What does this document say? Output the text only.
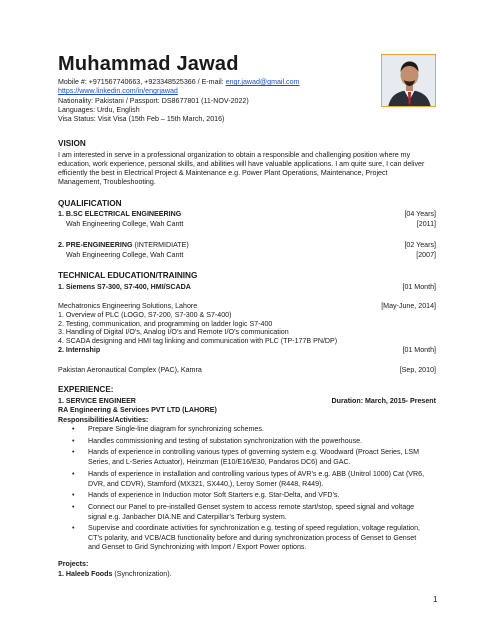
Muhammad Jawad
Mobile #: +971567740663, +923348525366 / E-mail: engr.jawad@gmail.com
https://www.linkedin.com/in/engrjawad
Nationality: Pakistani / Passport: DS8677801 (11-NOV-2022)
Languages: Urdu, English
Visa Status: Visit Visa (15th Feb – 15th March, 2016)
VISION
I am interested in serve in a professional organization to obtain a responsible and challenging position where my
education, work experience, personal skills, and abilities will have valuable applications. I am quite sure, I can deliver
efficiently the best in Electrical Project & Maintenance e.g. Power Plant Operations, Maintenance, Project
Management, Troubleshooting.
QUALIFICATION
1. B.SC ELECTRICAL ENGINEERING	[04 Years]
Wah Engineering College, Wah Cantt	[2011]
2. PRE-ENGINEERING (INTERMIDIATE)	[02 Years]
Wah Engineering College, Wah Cantt	[2007]
TECHNICAL EDUCATION/TRAINING
1. Siemens S7-300, S7-400, HMI/SCADA	[01 Month]
Mechatronics Engineering Solutions, Lahore	[May-June, 2014]
1. Overview of PLC (LOGO, S7-200, S7-300 & S7-400)
2. Testing, communication, and programming on ladder logic S7-400
3. Handling of Digital I/O’s, Analog I/O’s and Remote I/O’s communication
4. SCADA designing and HMI tag linking and communication with PLC (TP-177B PN/DP)
2. Internship	[01 Month]
Pakistan Aeronautical Complex (PAC), Kamra	[Sep, 2010]
EXPERIENCE:
1. SERVICE ENGINEER	Duration: March, 2015- Present
RA Engineering & Services PVT LTD (LAHORE)
Responsibilities/Activities:
Prepare Single-line diagram for synchronizing schemes.
Handles commissioning and testing of substation synchronization with the powerhouse.
Hands of experience in controlling various types of governing system e.g. Woodward (Proact Series, LSM
Series, and L-Series Actuator), Heinzman (E10/E16/E30, Pandaros DC6) and GAC.
Hands of experience in installation and controlling various types of AVR’s e.g. ABB (Unitrol 1000) Cat (VR6,
DVR, and CDVR), Stamford (MX321, SX440,), Leroy Somer (R448, R449).
Hands of experience in Induction motor Soft Starters e.g. Star-Delta, and VFD’s.
Connect our Panel to pre-installed Genset system to access remote start/stop, speed signal and voltage
signal e.g. Janbacher DIA.NE and Caterpillar’s Terburg system.
Supervise and coordinate activities for synchronization e.g. testing of speed regulation, voltage regulation,
CT’s polarity, and VCB/ACB functionality before and during synchronization process of Genset to Genset
and Genset to Grid Synchronizing with Import / Export Power options.
Projects:
1. Haleeb Foods (Synchronization).
1
